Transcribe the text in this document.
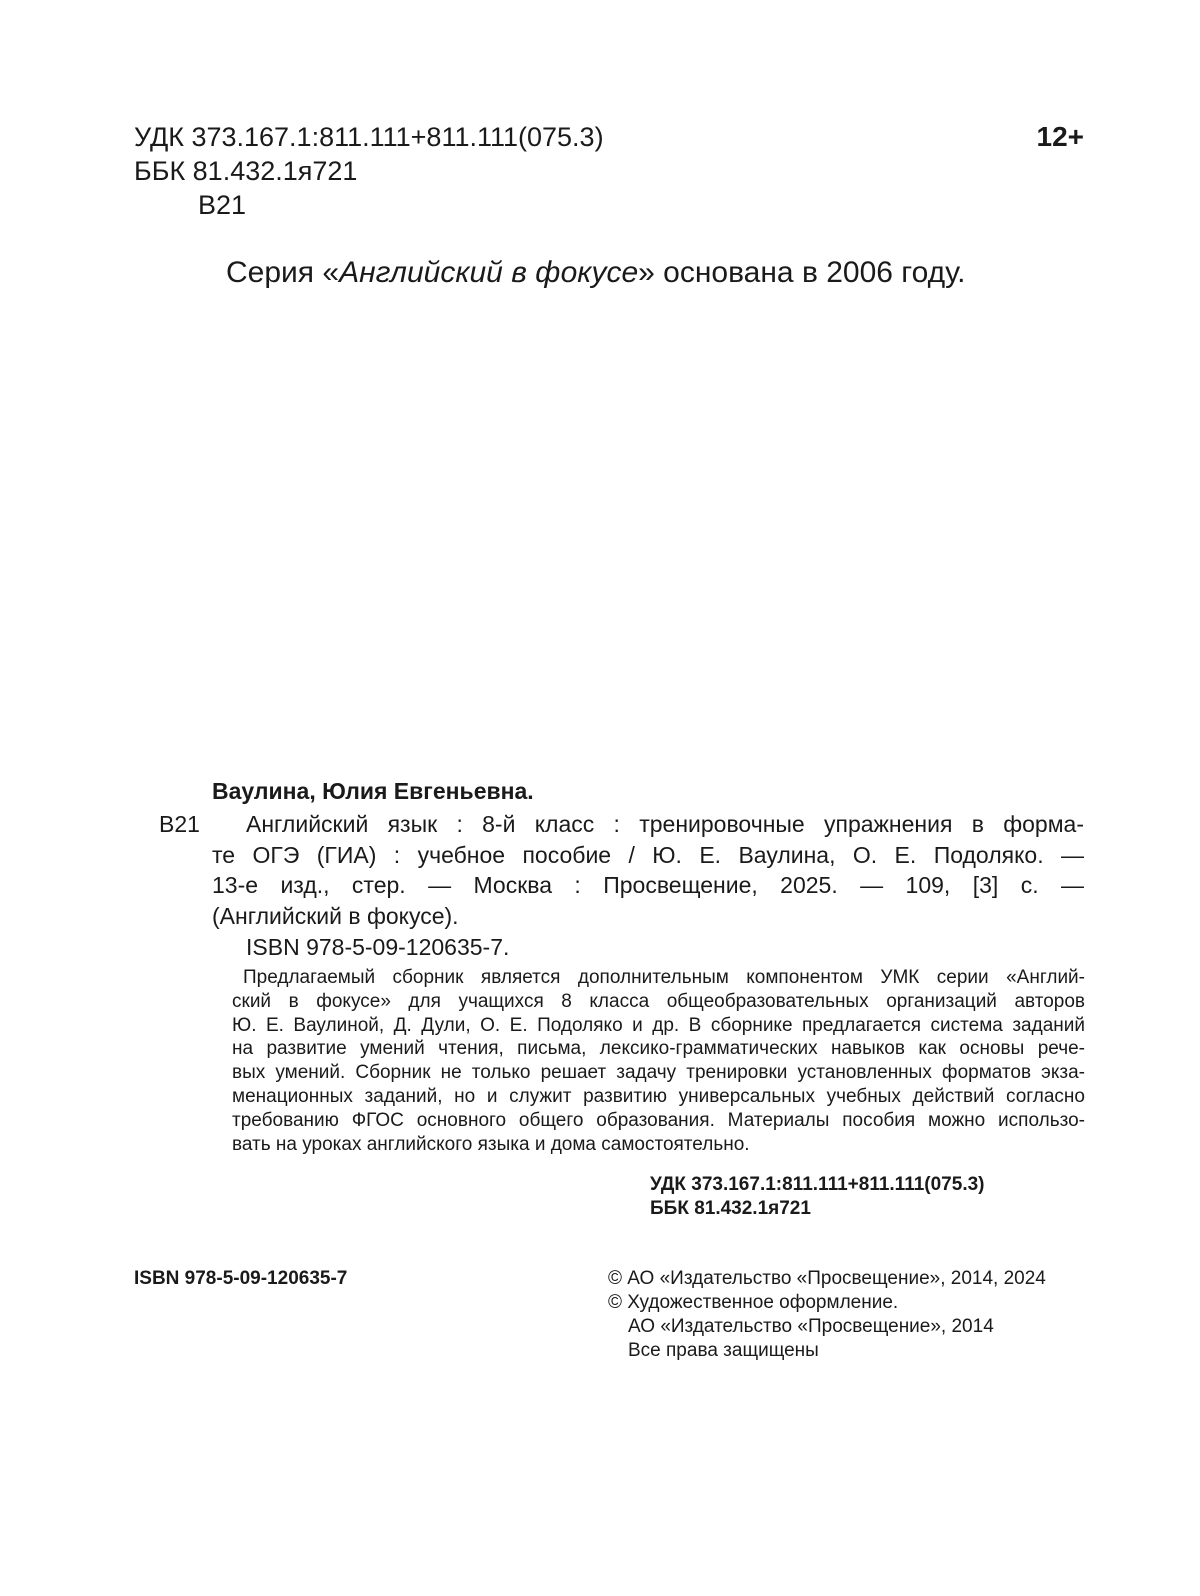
УДК 373.167.1:811.111+811.111(075.3)
ББК 81.432.1я721
В21
12+
Серия «Английский в фокусе» основана в 2006 году.
Ваулина, Юлия Евгеньевна.
В21 Английский язык : 8-й класс : тренировочные упражнения в форма-
те ОГЭ (ГИА) : учебное пособие / Ю. Е. Ваулина, О. Е. Подоляко. —
13-е изд., стер. — Москва : Просвещение, 2025. — 109, [3] с. —
(Английский в фокусе).
ISBN 978-5-09-120635-7.
Предлагаемый сборник является дополнительным компонентом УМК серии «Англий-
ский в фокусе» для учащихся 8 класса общеобразовательных организаций авторов
Ю. Е. Ваулиной, Д. Дули, О. Е. Подоляко и др. В сборнике предлагается система заданий
на развитие умений чтения, письма, лексико-грамматических навыков как основы рече-
вых умений. Сборник не только решает задачу тренировки установленных форматов экза-
менационных заданий, но и служит развитию универсальных учебных действий согласно
требованию ФГОС основного общего образования. Материалы пособия можно использо-
вать на уроках английского языка и дома самостоятельно.
УДК 373.167.1:811.111+811.111(075.3)
ББК 81.432.1я721
ISBN 978-5-09-120635-7	© АО «Издательство «Просвещение», 2014, 2024
© Художественное оформление.
АО «Издательство «Просвещение», 2014
Все права защищены
